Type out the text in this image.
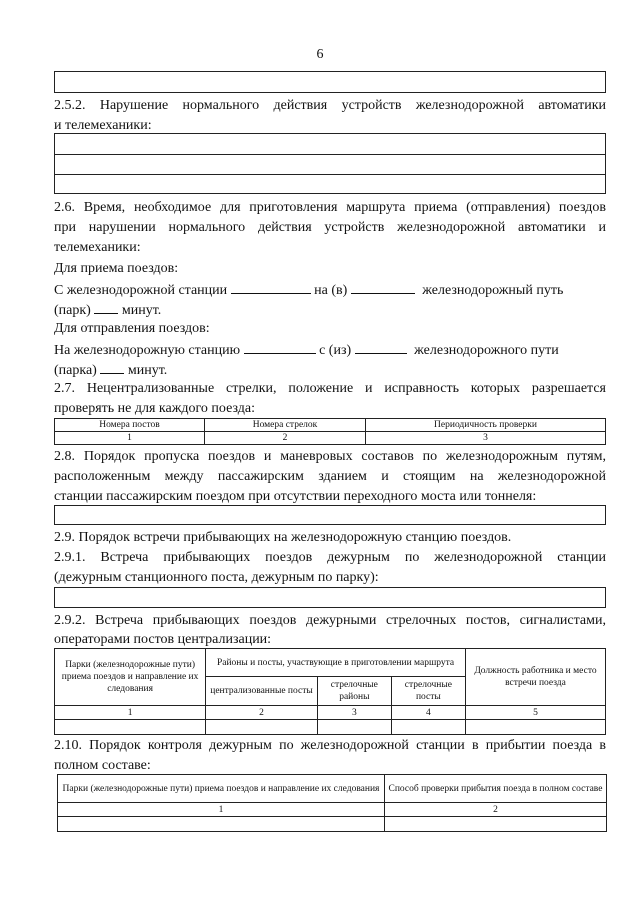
6
2.5.2. Нарушение нормального действия устройств железнодорожной автоматики
и телемеханики:
2.6. Время, необходимое для приготовления маршрута приема (отправления) поездов
при нарушении нормального действия устройств железнодорожной автоматики и
телемеханики:
Для приема поездов:
С железнодорожной станции	на (в)	железнодорожный путь
(парк) минут.
Для отправления поездов:
На железнодорожную станцию	с (из)	железнодорожного пути
(парка) минут.
2.7. Нецентрализованные стрелки, положение и исправность которых разрешается
проверять не для каждого поезда:
Номера постов	Номера стрелок	Периодичность проверки
1	2	3
2.8. Порядок пропуска поездов и маневровых составов по железнодорожным путям,
расположенным между пассажирским зданием и стоящим на железнодорожной
станции пассажирским поездом при отсутствии переходного моста или тоннеля:
2.9. Порядок встречи прибывающих на железнодорожную станцию поездов.
2.9.1. Встреча прибывающих поездов дежурным по железнодорожной станции
(дежурным станционного поста, дежурным по парку):
2.9.2. Встреча прибывающих поездов дежурными стрелочных постов, сигналистами,
операторами постов централизации:
Парки (железнодорожные пути) приема поездов и направление их следования	Районы и посты, участвующие в приготовлении маршрута			Должность работника и место встречи поезда
	централизованные посты	стрелочные районы	стрелочные посты	
1	2	3	4	5

2.10. Порядок контроля дежурным по железнодорожной станции в прибытии поезда в
полном составе:
Парки (железнодорожные пути) приема поездов и направление их следования	Способ проверки прибытия поезда в полном составе
1	2
